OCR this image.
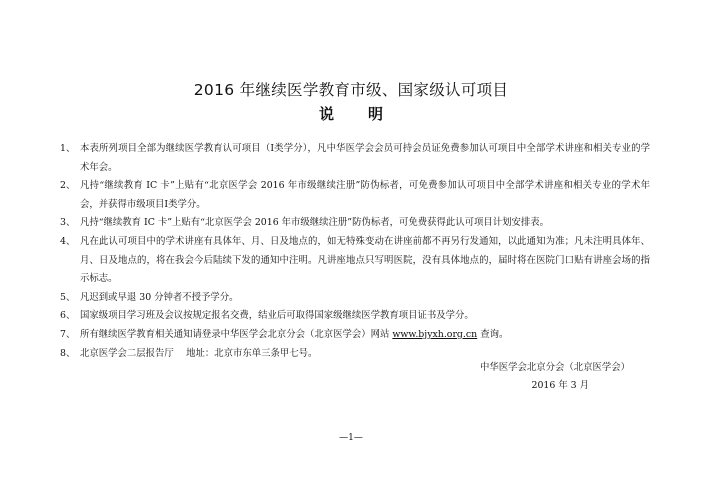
2016 年继续医学教育市级、国家级认可项目
说 明
1、 本表所列项目全部为继续医学教育认可项目（Ⅰ类学分），凡中华医学会会员可持会员证免费参加认可项目中全部学术讲座和相关专业的学术年会。
2、 凡持“继续教育 IC 卡”上贴有“北京医学会 2016 年市级继续注册”防伪标者，可免费参加认可项目中全部学术讲座和相关专业的学术年会，并获得市级项目Ⅰ类学分。
3、 凡持“继续教育 IC 卡”上贴有“北京医学会 2016 年市级继续注册”防伪标者，可免费获得此认可项目计划安排表。
4、 凡在此认可项目中的学术讲座有具体年、月、日及地点的，如无特殊变动在讲座前都不再另行发通知，以此通知为准；凡未注明具体年、月、日及地点的，将在我会今后陆续下发的通知中注明。凡讲座地点只写明医院，没有具体地点的，届时将在医院门口贴有讲座会场的指示标志。
5、 凡迟到或早退 30 分钟者不授予学分。
6、 国家级项目学习班及会议按规定报名交费，结业后可取得国家级继续医学教育项目证书及学分。
7、 所有继续医学教育相关通知请登录中华医学会北京分会（北京医学会）网站 www.bjyxh.org.cn 查询。
8、 北京医学会二层报告厅　 地址：北京市东单三条甲七号。
中华医学会北京分会（北京医学会）
2016 年 3 月
—1—
